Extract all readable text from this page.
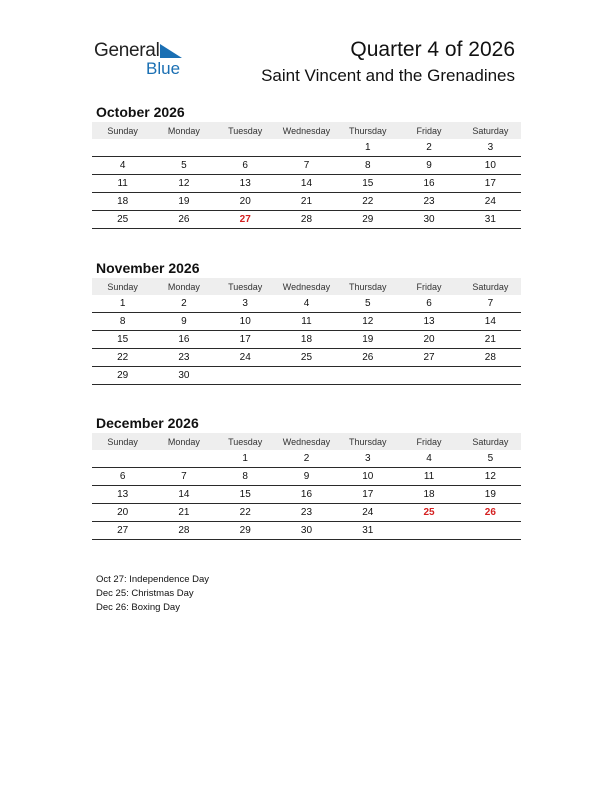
General
Blue
Quarter 4 of 2026
Saint Vincent and the Grenadines
October 2026
Sunday	Monday	Tuesday	Wednesday	Thursday	Friday	Saturday
				1	2	3
4	5	6	7	8	9	10
11	12	13	14	15	16	17
18	19	20	21	22	23	24
25	26	27	28	29	30	31
November 2026
Sunday	Monday	Tuesday	Wednesday	Thursday	Friday	Saturday
1	2	3	4	5	6	7
8	9	10	11	12	13	14
15	16	17	18	19	20	21
22	23	24	25	26	27	28
29	30					
December 2026
Sunday	Monday	Tuesday	Wednesday	Thursday	Friday	Saturday
		1	2	3	4	5
6	7	8	9	10	11	12
13	14	15	16	17	18	19
20	21	22	23	24	25	26
27	28	29	30	31		
Oct 27: Independence Day
Dec 25: Christmas Day
Dec 26: Boxing Day
